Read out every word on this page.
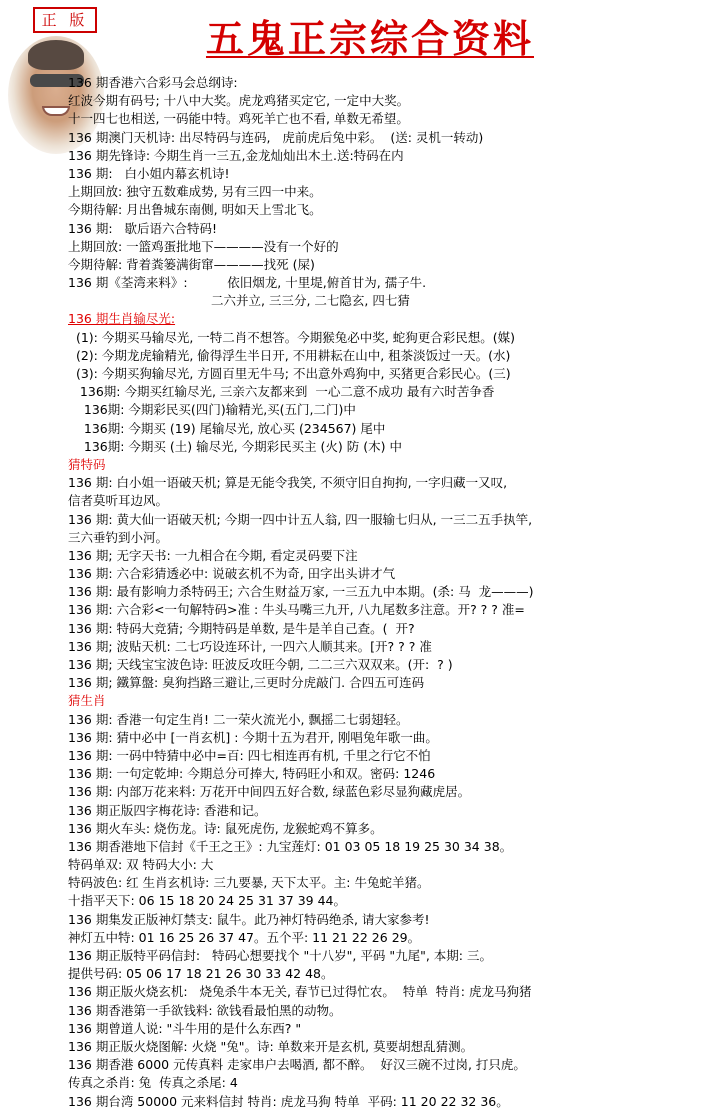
正 版	五鬼正宗综合资料
136 期香港六合彩马会总纲诗:
红波今期有码号; 十八中大奖。虎龙鸡猪买定它, 一定中大奖。
十一四七也相送, 一码能中特。鸡死羊亡也不看, 单数无希望。
136 期澳门天机诗: 出尽特码与连码,   虎前虎后兔中彩。  (送: 灵机一转动)
136 期先锋诗: 今期生肖一三五,金龙灿灿出木土.送:特码在内
136 期:   白小姐内幕玄机诗!
上期回放: 独守五数难成势, 另有三四一中来。
今期待解: 月出鲁城东南侧, 明如天上雪北飞。
136 期:   歇后语六合特码!
上期回放: 一篮鸡蛋批地下————没有一个好的
今期待解: 背着粪篓满街窜————找死 (屎)
136 期《荃湾来料》:          依旧烟龙, 十里堤,俯首甘为, 孺子牛.
二六并立, 三三分, 二七隐玄, 四七猜
136 期生肖输尽光:
(1): 今期买马输尽光, 一特二肖不想答。今期猴兔必中奖, 蛇狗更合彩民想。(媒)
(2): 今期龙虎输精光, 偷得浮生半日开, 不用耕耘在山中, 租茶淡饭过一天。(水)
(3): 今期买狗输尽光, 方圆百里无牛马; 不出意外鸡狗中, 买猪更合彩民心。(三)
136期: 今期买红输尽光, 三亲六友都来到  一心二意不成功 最有六时苦争香
136期: 今期彩民买(四门)输精光,买(五门,二门)中
136期: 今期买 (19) 尾输尽光, 放心买 (234567) 尾中
136期: 今期买 (土) 输尽光, 今期彩民买主 (火) 防 (木) 中
猜特码
136 期: 白小姐一语破天机; 算是无能令我笑, 不须守旧自拘拘, 一字归藏一又叹,
信者莫听耳边风。
136 期: 黄大仙一语破天机; 今期一四中计五人翁, 四一服输七归从, 一三二五手执竿,
三六垂钓到小河。
136 期; 无字天书: 一九相合在今期, 看定灵码要下注
136 期: 六合彩猜透必中: 说破玄机不为奇, 田字出头讲才气
136 期: 最有影响力杀特码王; 六合生财益万家, 一三五九中本期。(杀: 马  龙———)
136 期: 六合彩<一句解特码>准 : 牛头马嘴三九开, 八九尾数多注意。开? ? ? 准=
136 期: 特码大竞猜; 今期特码是单数, 是牛是羊自己查。(  开?
136 期; 波贴天机: 二七巧设连环计, 一四六人顺其来。[开? ? ? 准
136 期; 天线宝宝波色诗: 旺波反攻旺今朝, 二二三六双双来。(开:  ? )
136 期; 鐵算盤: 臭狗挡路三避让,三更时分虎敲门. 合四五可连码
猜生肖
136 期: 香港一句定生肖! 二一荣火流光小, 飘摇二七弱翅轻。
136 期: 猜中必中 [一肖玄机] : 今期十五为君开, 刚唱兔年歌一曲。
136 期: 一码中特猜中必中=百: 四七相连再有机, 千里之行它不怕
136 期: 一句定乾坤: 今期总分可捧大, 特码旺小和双。密码: 1246
136 期: 内部万花来料: 万花开中间四五好合数, 绿蓝色彩尽显狗藏虎居。
136 期正版四字梅花诗: 香港和记。
136 期火车头: 烧伤龙。诗: 鼠死虎伤, 龙猴蛇鸡不算多。
136 期香港地下信封《千王之王》: 九宝莲灯: 01 03 05 18 19 25 30 34 38。
特码单双: 双 特码大小: 大
特码波色: 红 生肖玄机诗: 三九要暴, 天下太平。主: 牛兔蛇羊猪。
十指平天下: 06 15 18 20 24 25 31 37 39 44。
136 期集发正版神灯禁支: 鼠牛。此乃神灯特码绝杀, 请大家参考!
神灯五中特: 01 16 25 26 37 47。五个平: 11 21 22 26 29。
136 期正版特平码信封:   特码心想要找个 "十八岁", 平码 "九尾", 本期: 三。
提供号码: 05 06 17 18 21 26 30 33 42 48。
136 期正版火烧玄机:   烧兔杀牛本无关, 春节已过得忙农。  特单  特肖: 虎龙马狗猪
136 期香港第一手欲钱料: 欲钱看最怕黑的动物。
136 期曾道人说: "斗牛用的是什么东西? "
136 期正版火烧图解: 火烧 "兔"。诗: 单数来开是玄机, 莫要胡想乱猜测。
136 期香港 6000 元传真料 走家串户去喝酒, 都不醉。  好汉三碗不过岗, 打只虎。
传真之杀肖: 兔  传真之杀尾: 4
136 期台湾 50000 元来料信封 特肖: 虎龙马狗 特单  平码: 11 20 22 32 36。
